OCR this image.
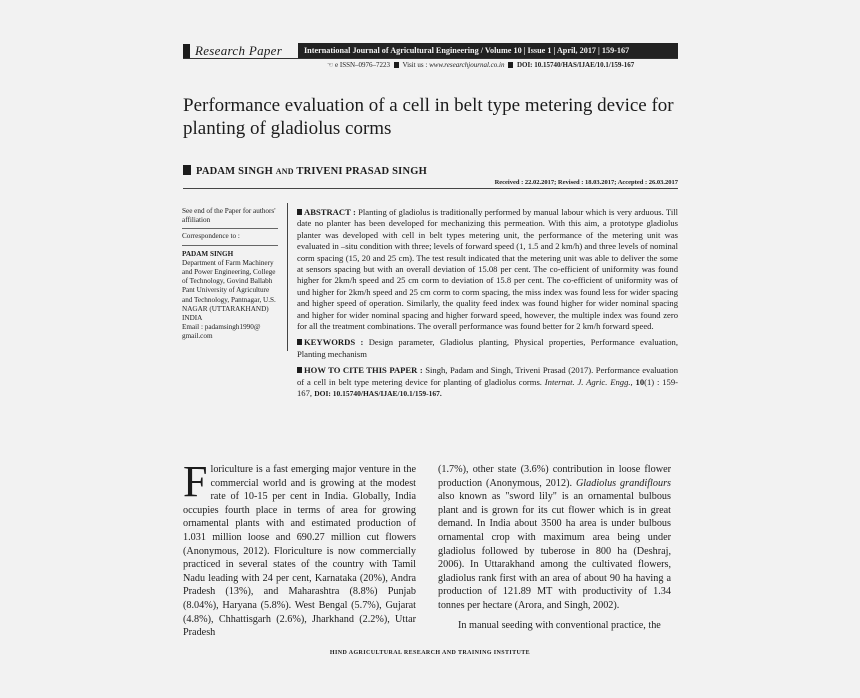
Research Paper	International Journal of Agricultural Engineering / Volume 10 | Issue 1 | April, 2017 | 159-167
☜ e ISSN–0976–7223 Visit us : www.researchjournal.co.in DOI: 10.15740/HAS/IJAE/10.1/159-167
Performance evaluation of a cell in belt type metering device for planting of gladiolus corms
PADAM SINGH AND TRIVENI PRASAD SINGH
Received : 22.02.2017; Revised : 18.03.2017; Accepted : 26.03.2017
See end of the Paper for authors' affiliation
Correspondence to :
PADAM SINGH
Department of Farm Machinery and Power Engineering, College of Technology, Govind Ballabh Pant University of Agriculture and Technology, Pantnagar, U.S. NAGAR (UTTARAKHAND) INDIA
Email : padamsingh1990@ gmail.com
ABSTRACT : Planting of gladiolus is traditionally performed by manual labour which is very arduous. Till date no planter has been developed for mechanizing this permeation. With this aim, a prototype gladiolus planter was developed with cell in belt types metering unit, the performance of the metering unit was evaluated in –situ condition with three; levels of forward speed (1, 1.5 and 2 km/h) and three levels of nominal corm spacing (15, 20 and 25 cm). The test result indicated that the metering unit was able to deliver the some at sensors spacing but with an overall deviation of 15.08 per cent. The co-efficient of uniformity was found higher for 2km/h speed and 25 cm corm to deviation of 15.8 per cent. The co-efficient of uniformity was of und higher for 2km/h speed and 25 cm corm to corm spacing, the miss index was found less for wider spacing and higher speed of operation. Similarly, the quality feed index was found higher for wider nominal spacing and higher for wider nominal spacing and higher forward speed, however, the multiple index was found zero for all the treatment combinations. The overall performance was found better for 2 km/h forward speed.
KEYWORDS : Design parameter, Gladiolus planting, Physical properties, Performance evaluation, Planting mechanism
HOW TO CITE THIS PAPER : Singh, Padam and Singh, Triveni Prasad (2017). Performance evaluation of a cell in belt type metering device for planting of gladiolus corms. Internat. J. Agric. Engg., 10(1) : 159-167, DOI: 10.15740/HAS/IJAE/10.1/159-167.
Floriculture is a fast emerging major venture in the commercial world and is growing at the modest rate of 10-15 per cent in India. Globally, India occupies fourth place in terms of area for growing ornamental plants with and estimated production of 1.031 million loose and 690.27 million cut flowers (Anonymous, 2012). Floriculture is now commercially practiced in several states of the country with Tamil Nadu leading with 24 per cent, Karnataka (20%), Andra Pradesh (13%), and Maharashtra (8.8%) Punjab (8.04%), Haryana (5.8%). West Bengal (5.7%), Gujarat (4.8%), Chhattisgarh (2.6%), Jharkhand (2.2%), Uttar Pradesh
(1.7%), other state (3.6%) contribution in loose flower production (Anonymous, 2012). Gladiolus grandiflours also known as "sword lily" is an ornamental bulbous plant and is grown for its cut flower which is in great demand. In India about 3500 ha area is under bulbous ornamental crop with maximum area being under gladiolus followed by tuberose in 800 ha (Deshraj, 2006). In Uttarakhand among the cultivated flowers, gladiolus rank first with an area of about 90 ha having a production of 121.89 MT with productivity of 1.34 tonnes per hectare (Arora, and Singh, 2002).
In manual seeding with conventional practice, the
HIND AGRICULTURAL RESEARCH AND TRAINING INSTITUTE
